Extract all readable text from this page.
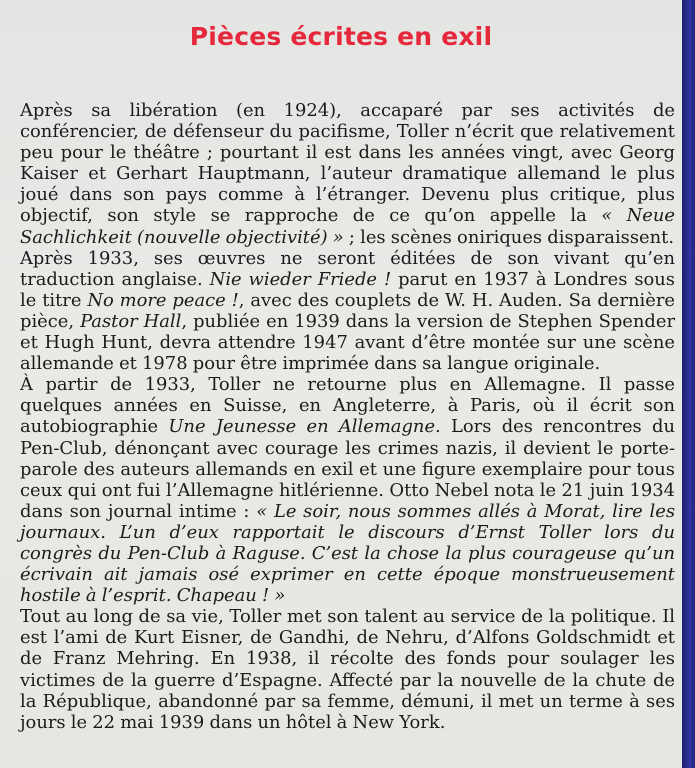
Pièces écrites en exil

Après sa libération (en 1924), accaparé par ses activités de conférencier, de défenseur du pacifisme, Toller n’écrit que relativement peu pour le théâtre ; pourtant il est dans les années vingt, avec Georg Kaiser et Gerhart Hauptmann, l’auteur dramatique allemand le plus joué dans son pays comme à l’étranger. Devenu plus critique, plus objectif, son style se rapproche de ce qu’on appelle la « Neue Sachlichkeit (nouvelle objectivité) » ; les scènes oniriques disparaissent.

Après 1933, ses œuvres ne seront éditées de son vivant qu’en traduction anglaise. Nie wieder Friede ! parut en 1937 à Londres sous le titre No more peace !, avec des couplets de W. H. Auden. Sa dernière pièce, Pastor Hall, publiée en 1939 dans la version de Stephen Spender et Hugh Hunt, devra attendre 1947 avant d’être montée sur une scène allemande et 1978 pour être imprimée dans sa langue originale.

À partir de 1933, Toller ne retourne plus en Allemagne. Il passe quelques années en Suisse, en Angleterre, à Paris, où il écrit son autobiographie Une Jeunesse en Allemagne. Lors des rencontres du Pen-Club, dénonçant avec courage les crimes nazis, il devient le porte-parole des auteurs allemands en exil et une figure exemplaire pour tous ceux qui ont fui l’Allemagne hitlérienne. Otto Nebel nota le 21 juin 1934 dans son journal intime : « Le soir, nous sommes allés à Morat, lire les journaux. L’un d’eux rapportait le discours d’Ernst Toller lors du congrès du Pen-Club à Raguse. C’est la chose la plus courageuse qu’un écrivain ait jamais osé exprimer en cette époque monstrueusement hostile à l’esprit. Chapeau ! »

Tout au long de sa vie, Toller met son talent au service de la politique. Il est l’ami de Kurt Eisner, de Gandhi, de Nehru, d’Alfons Goldschmidt et de Franz Mehring. En 1938, il récolte des fonds pour soulager les victimes de la guerre d’Espagne. Affecté par la nouvelle de la chute de la République, abandonné par sa femme, démuni, il met un terme à ses jours le 22 mai 1939 dans un hôtel à New York.
